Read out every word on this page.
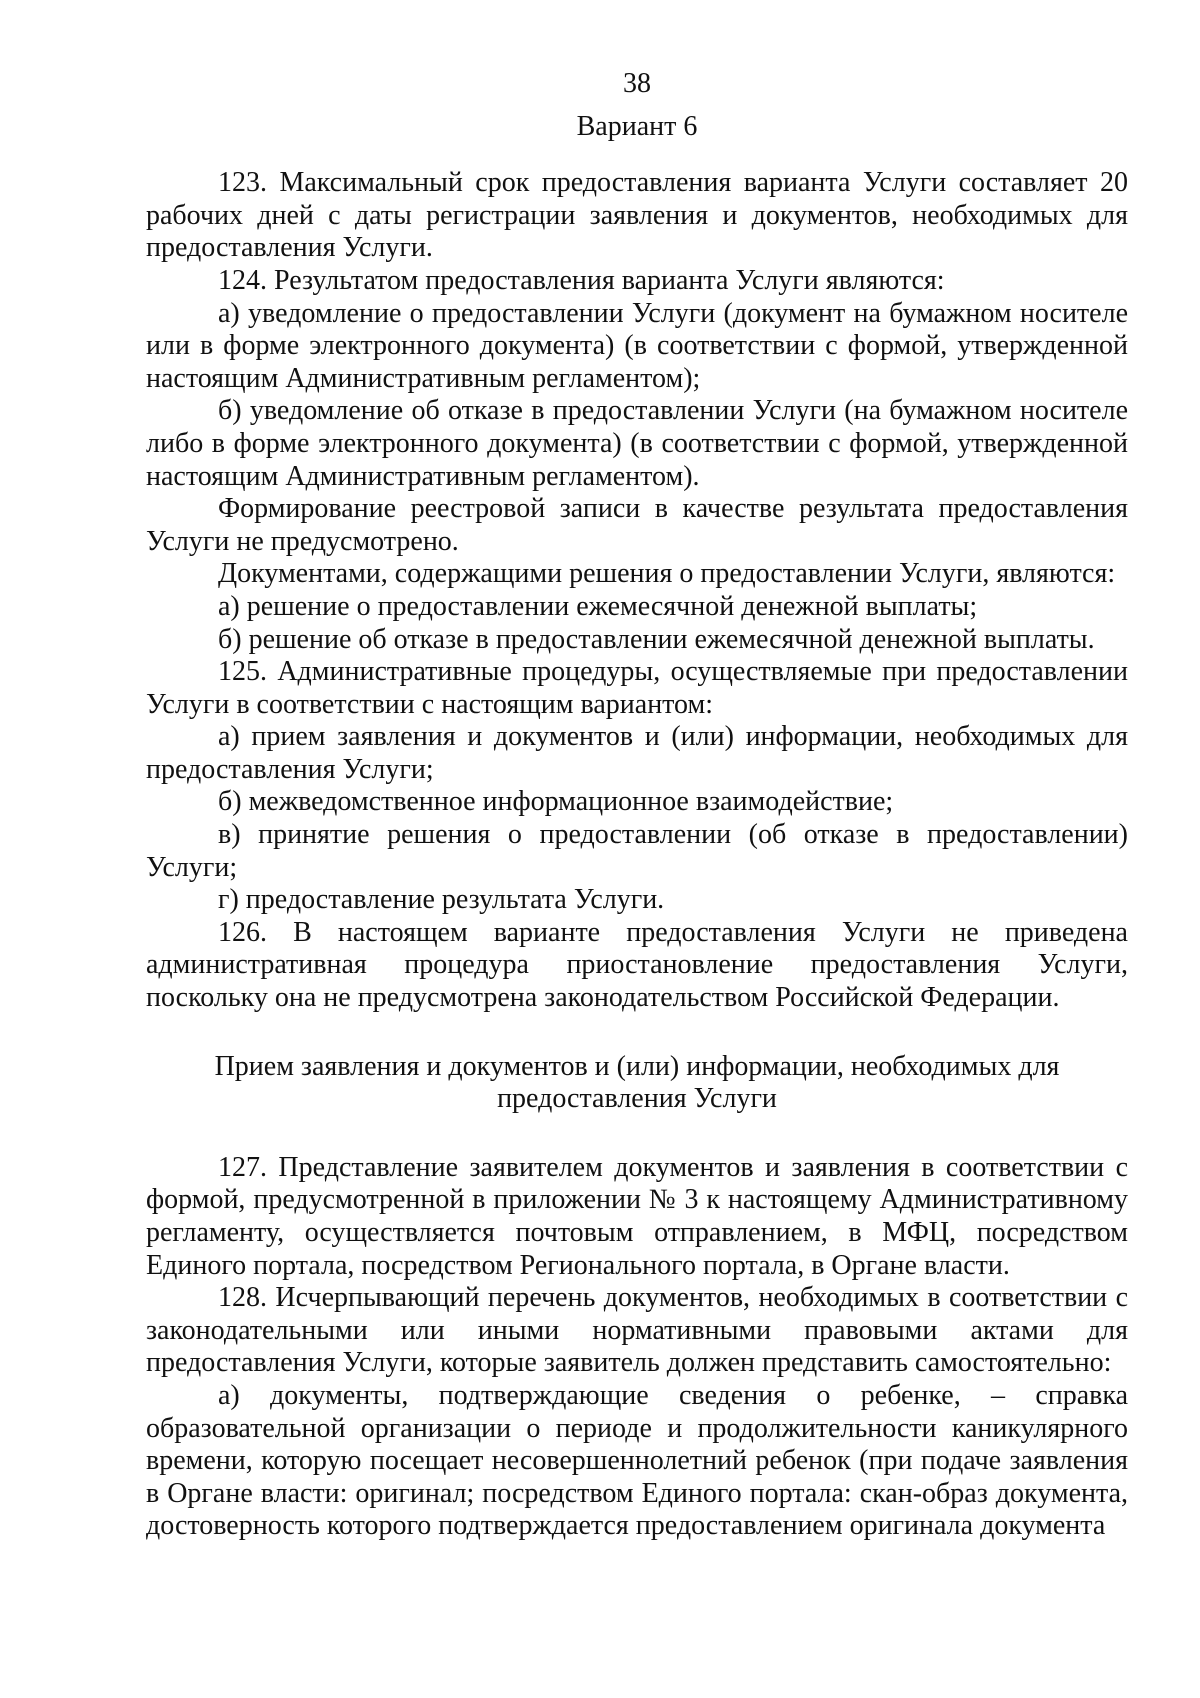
38

Вариант 6

123. Максимальный срок предоставления варианта Услуги составляет 20 рабочих дней с даты регистрации заявления и документов, необходимых для предоставления Услуги.

124. Результатом предоставления варианта Услуги являются:

а) уведомление о предоставлении Услуги (документ на бумажном носителе или в форме электронного документа) (в соответствии с формой, утвержденной настоящим Административным регламентом);

б) уведомление об отказе в предоставлении Услуги (на бумажном носителе либо в форме электронного документа) (в соответствии с формой, утвержденной настоящим Административным регламентом).

Формирование реестровой записи в качестве результата предоставления Услуги не предусмотрено.

Документами, содержащими решения о предоставлении Услуги, являются:

а) решение о предоставлении ежемесячной денежной выплаты;

б) решение об отказе в предоставлении ежемесячной денежной выплаты.

125. Административные процедуры, осуществляемые при предоставлении Услуги в соответствии с настоящим вариантом:

а) прием заявления и документов и (или) информации, необходимых для предоставления Услуги;

б) межведомственное информационное взаимодействие;

в) принятие решения о предоставлении (об отказе в предоставлении) Услуги;

г) предоставление результата Услуги.

126. В настоящем варианте предоставления Услуги не приведена административная процедура приостановление предоставления Услуги, поскольку она не предусмотрена законодательством Российской Федерации.

Прием заявления и документов и (или) информации, необходимых для предоставления Услуги

127. Представление заявителем документов и заявления в соответствии с формой, предусмотренной в приложении № 3 к настоящему Административному регламенту, осуществляется почтовым отправлением, в МФЦ, посредством Единого портала, посредством Регионального портала, в Органе власти.

128. Исчерпывающий перечень документов, необходимых в соответствии с законодательными или иными нормативными правовыми актами для предоставления Услуги, которые заявитель должен представить самостоятельно:

а) документы, подтверждающие сведения о ребенке, – справка образовательной организации о периоде и продолжительности каникулярного времени, которую посещает несовершеннолетний ребенок (при подаче заявления в Органе власти: оригинал; посредством Единого портала: скан-образ документа, достоверность которого подтверждается предоставлением оригинала документа
